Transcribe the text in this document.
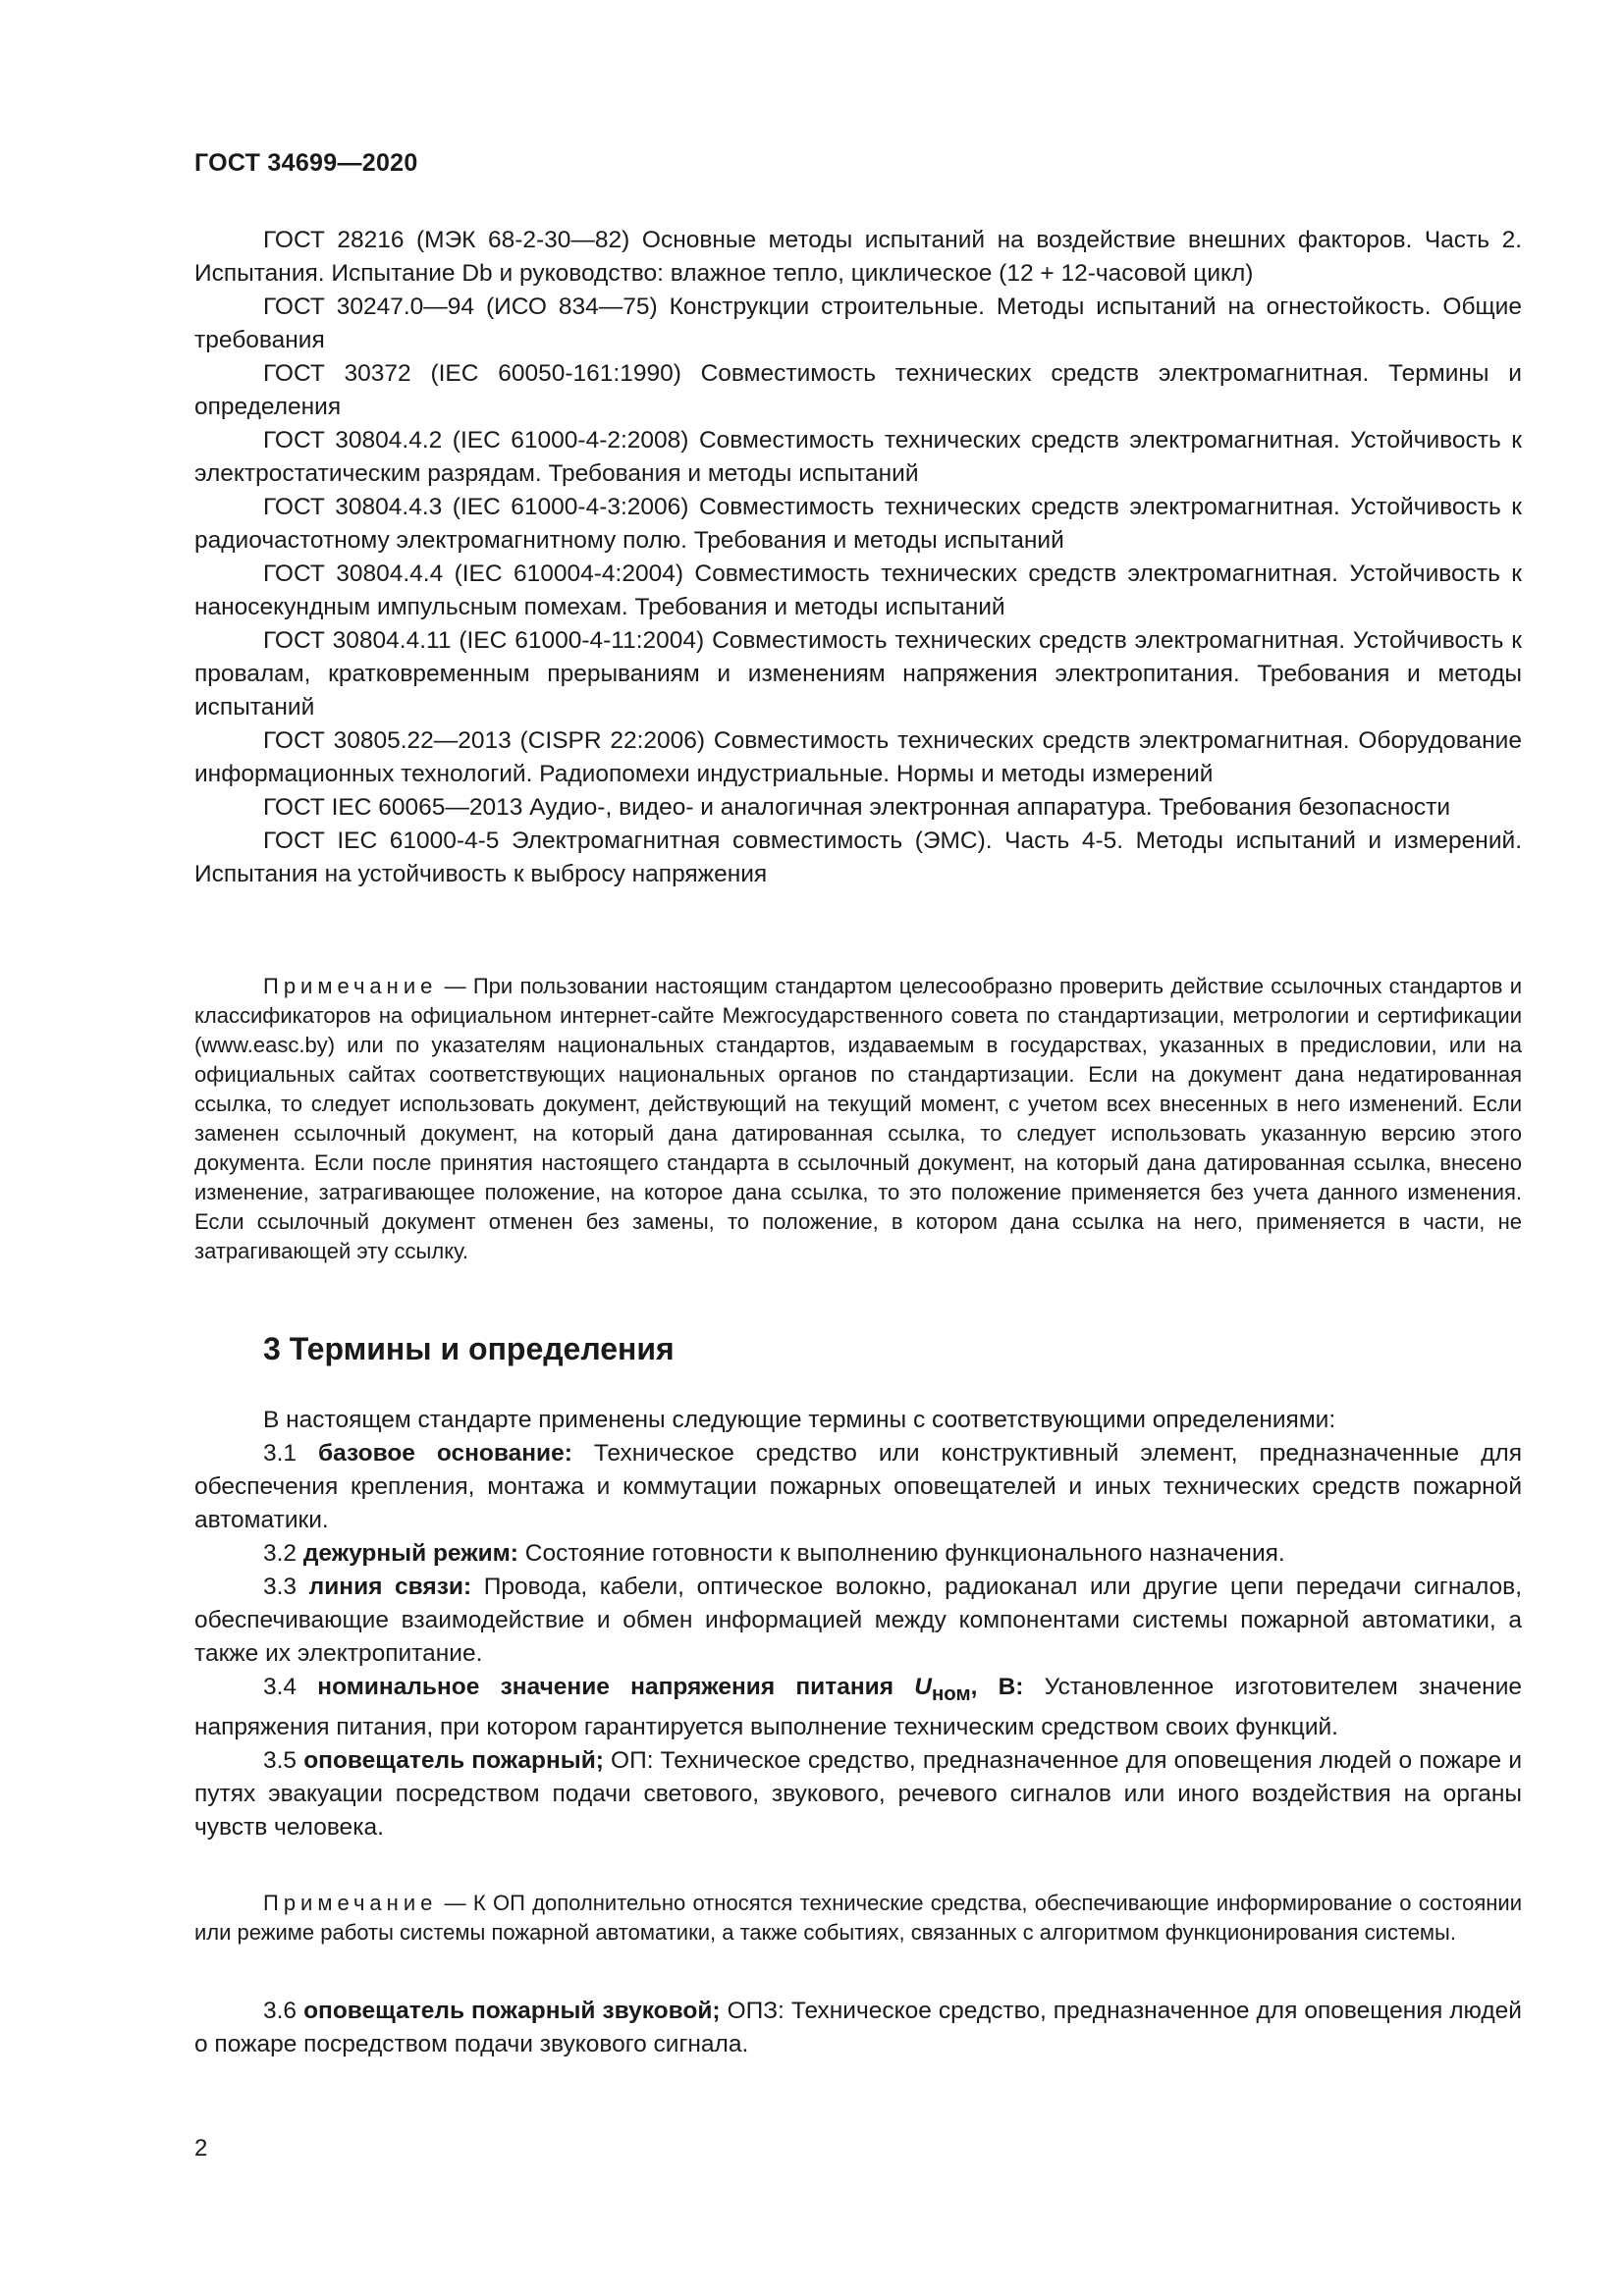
ГОСТ 34699—2020

ГОСТ 28216 (МЭК 68-2-30—82) Основные методы испытаний на воздействие внешних факторов. Часть 2. Испытания. Испытание Db и руководство: влажное тепло, циклическое (12 + 12-часовой цикл)

ГОСТ 30247.0—94 (ИСО 834—75) Конструкции строительные. Методы испытаний на огнестойкость. Общие требования

ГОСТ 30372 (IEC 60050-161:1990) Совместимость технических средств электромагнитная. Термины и определения

ГОСТ 30804.4.2 (IEC 61000-4-2:2008) Совместимость технических средств электромагнитная. Устойчивость к электростатическим разрядам. Требования и методы испытаний

ГОСТ 30804.4.3 (IEC 61000-4-3:2006) Совместимость технических средств электромагнитная. Устойчивость к радиочастотному электромагнитному полю. Требования и методы испытаний

ГОСТ 30804.4.4 (IEC 610004-4:2004) Совместимость технических средств электромагнитная. Устойчивость к наносекундным импульсным помехам. Требования и методы испытаний

ГОСТ 30804.4.11 (IEC 61000-4-11:2004) Совместимость технических средств электромагнитная. Устойчивость к провалам, кратковременным прерываниям и изменениям напряжения электропитания. Требования и методы испытаний

ГОСТ 30805.22—2013 (CISPR 22:2006) Совместимость технических средств электромагнитная. Оборудование информационных технологий. Радиопомехи индустриальные. Нормы и методы измерений

ГОСТ IEC 60065—2013 Аудио-, видео- и аналогичная электронная аппаратура. Требования безопасности

ГОСТ IEC 61000-4-5 Электромагнитная совместимость (ЭМС). Часть 4-5. Методы испытаний и измерений. Испытания на устойчивость к выбросу напряжения

Примечание — При пользовании настоящим стандартом целесообразно проверить действие ссылочных стандартов и классификаторов на официальном интернет-сайте Межгосударственного совета по стандартизации, метрологии и сертификации (www.easc.by) или по указателям национальных стандартов, издаваемым в государствах, указанных в предисловии, или на официальных сайтах соответствующих национальных органов по стандартизации. Если на документ дана недатированная ссылка, то следует использовать документ, действующий на текущий момент, с учетом всех внесенных в него изменений. Если заменен ссылочный документ, на который дана датированная ссылка, то следует использовать указанную версию этого документа. Если после принятия настоящего стандарта в ссылочный документ, на который дана датированная ссылка, внесено изменение, затрагивающее положение, на которое дана ссылка, то это положение применяется без учета данного изменения. Если ссылочный документ отменен без замены, то положение, в котором дана ссылка на него, применяется в части, не затрагивающей эту ссылку.

3 Термины и определения

В настоящем стандарте применены следующие термины с соответствующими определениями:

3.1 базовое основание: Техническое средство или конструктивный элемент, предназначенные для обеспечения крепления, монтажа и коммутации пожарных оповещателей и иных технических средств пожарной автоматики.

3.2 дежурный режим: Состояние готовности к выполнению функционального назначения.

3.3 линия связи: Провода, кабели, оптическое волокно, радиоканал или другие цепи передачи сигналов, обеспечивающие взаимодействие и обмен информацией между компонентами системы пожарной автоматики, а также их электропитание.

3.4 номинальное значение напряжения питания $U_{ном}$, В: Установленное изготовителем значение напряжения питания, при котором гарантируется выполнение техническим средством своих функций.

3.5 оповещатель пожарный; ОП: Техническое средство, предназначенное для оповещения людей о пожаре и путях эвакуации посредством подачи светового, звукового, речевого сигналов или иного воздействия на органы чувств человека.

Примечание — К ОП дополнительно относятся технические средства, обеспечивающие информирование о состоянии или режиме работы системы пожарной автоматики, а также событиях, связанных с алгоритмом функционирования системы.

3.6 оповещатель пожарный звуковой; ОПЗ: Техническое средство, предназначенное для оповещения людей о пожаре посредством подачи звукового сигнала.

2
